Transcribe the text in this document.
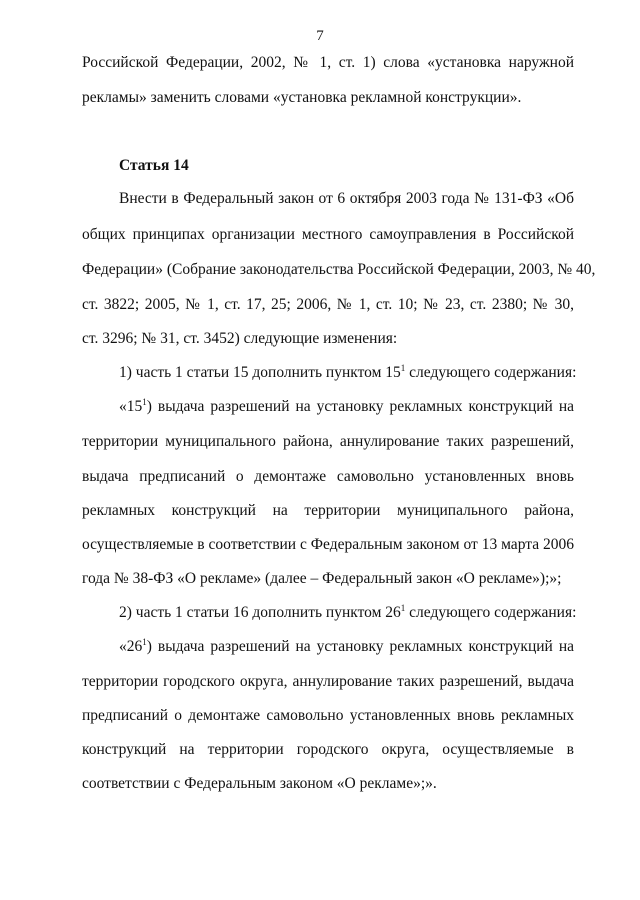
7
Российской Федерации, 2002, № 1, ст. 1) слова «установка наружной
рекламы» заменить словами «установка рекламной конструкции».
Статья 14
Внести в Федеральный закон от 6 октября 2003 года № 131-ФЗ «Об
общих принципах организации местного самоуправления в Российской
Федерации» (Собрание законодательства Российской Федерации, 2003, № 40,
ст. 3822; 2005, № 1, ст. 17, 25; 2006, № 1, ст. 10; № 23, ст. 2380; № 30,
ст. 3296; № 31, ст. 3452) следующие изменения:
1) часть 1 статьи 15 дополнить пунктом $15^1$ следующего содержания:
«$15^1$) выдача разрешений на установку рекламных конструкций на
территории муниципального района, аннулирование таких разрешений,
выдача предписаний о демонтаже самовольно установленных вновь
рекламных конструкций на территории муниципального района,
осуществляемые в соответствии с Федеральным законом от 13 марта 2006
года № 38-ФЗ «О рекламе» (далее – Федеральный закон «О рекламе»);»;
2) часть 1 статьи 16 дополнить пунктом $26^1$ следующего содержания:
«$26^1$) выдача разрешений на установку рекламных конструкций на
территории городского округа, аннулирование таких разрешений, выдача
предписаний о демонтаже самовольно установленных вновь рекламных
конструкций на территории городского округа, осуществляемые в
соответствии с Федеральным законом «О рекламе»;».
